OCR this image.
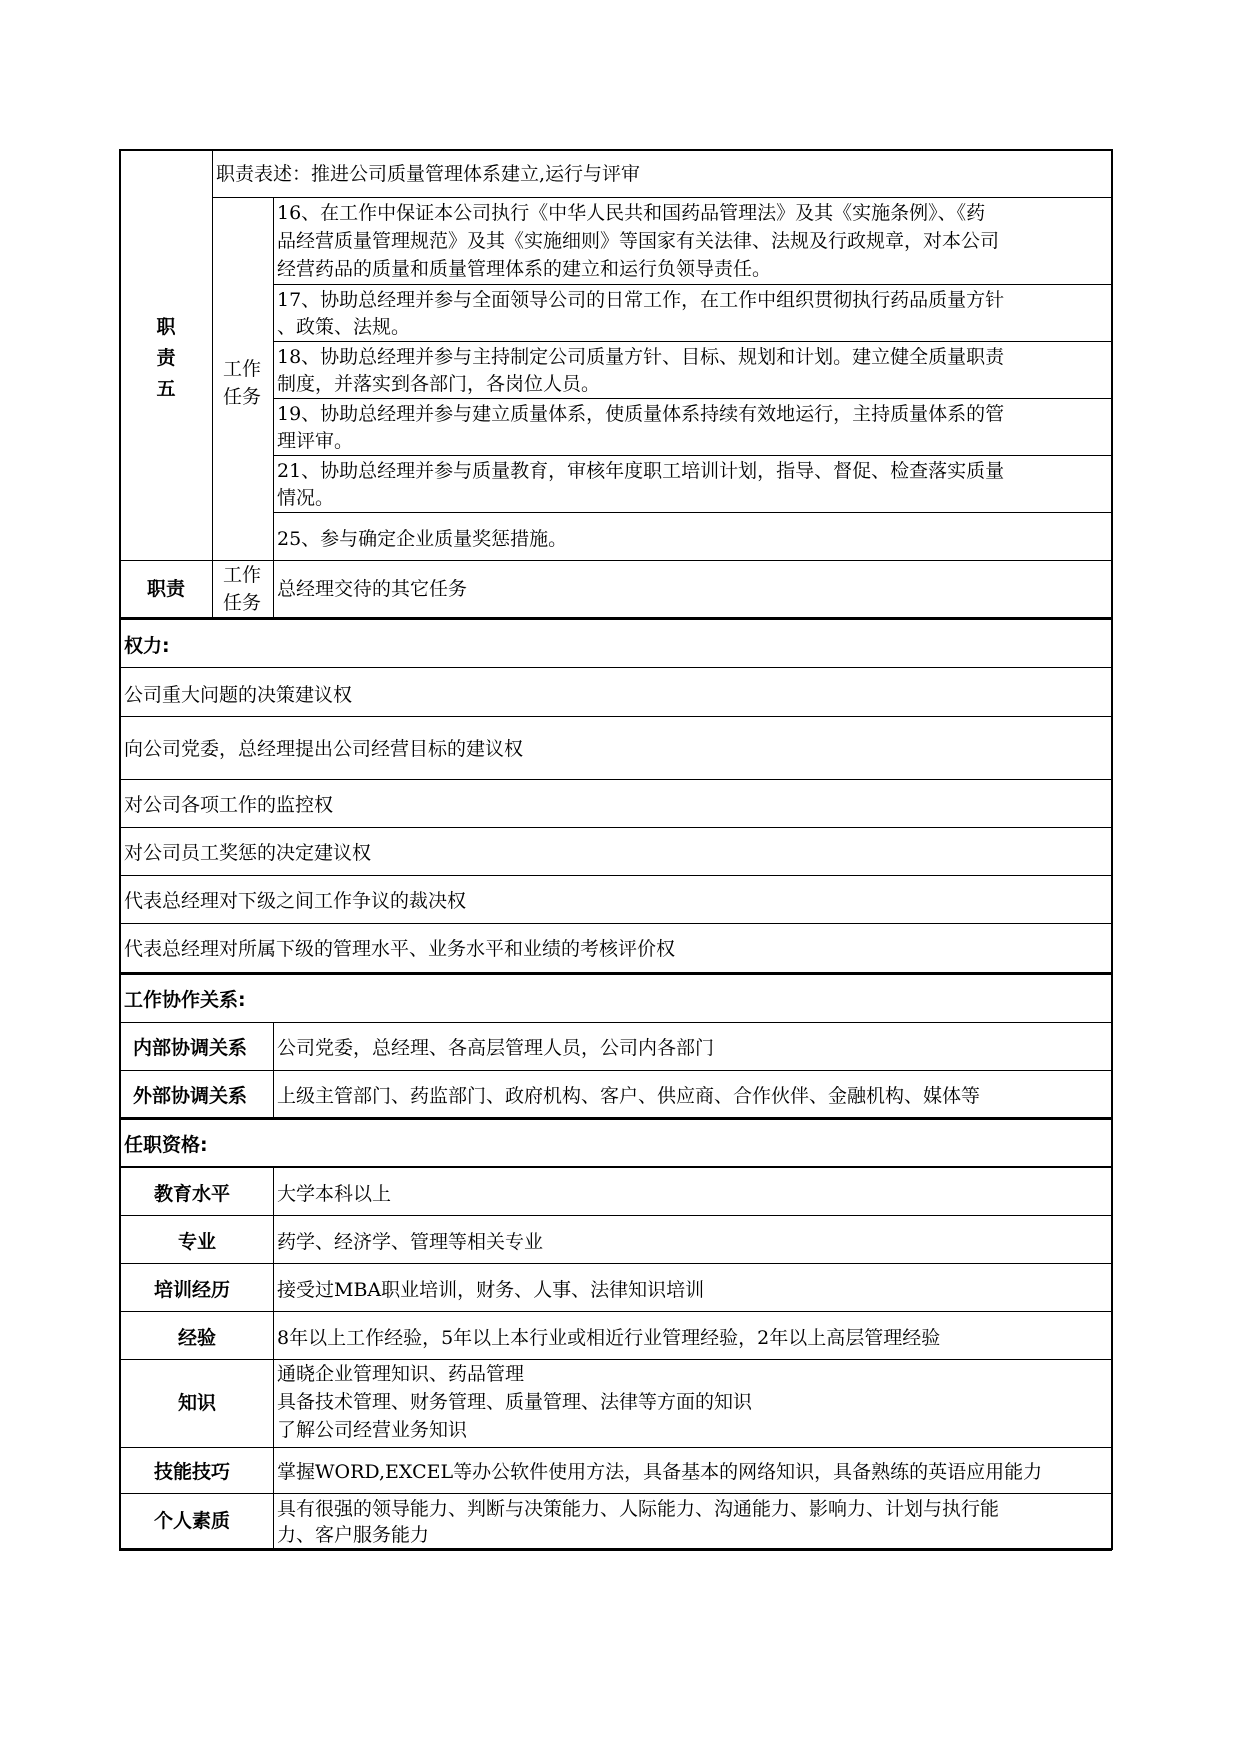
职
责
五
职责表述：推进公司质量管理体系建立,运行与评审
工作
任务
16、在工作中保证本公司执行《中华人民共和国药品管理法》及其《实施条例》、《药
品经营质量管理规范》及其《实施细则》等国家有关法律、法规及行政规章，对本公司
经营药品的质量和质量管理体系的建立和运行负领导责任。
17、协助总经理并参与全面领导公司的日常工作，在工作中组织贯彻执行药品质量方针
、政策、法规。
18、协助总经理并参与主持制定公司质量方针、目标、规划和计划。建立健全质量职责
制度，并落实到各部门，各岗位人员。
19、协助总经理并参与建立质量体系，使质量体系持续有效地运行，主持质量体系的管
理评审。
21、协助总经理并参与质量教育，审核年度职工培训计划，指导、督促、检查落实质量
情况。
25、参与确定企业质量奖惩措施。
职责
工作
任务
总经理交待的其它任务
权力:
公司重大问题的决策建议权
向公司党委，总经理提出公司经营目标的建议权
对公司各项工作的监控权
对公司员工奖惩的决定建议权
代表总经理对下级之间工作争议的裁决权
代表总经理对所属下级的管理水平、业务水平和业绩的考核评价权
工作协作关系:
内部协调关系 公司党委，总经理、各高层管理人员，公司内各部门
外部协调关系 上级主管部门、药监部门、政府机构、客户、供应商、合作伙伴、金融机构、媒体等
任职资格:
教育水平 大学本科以上
专业	药学、经济学、管理等相关专业
培训经历 接受过MBA职业培训，财务、人事、法律知识培训
经验	8年以上工作经验，5年以上本行业或相近行业管理经验，2年以上高层管理经验
知识
通晓企业管理知识、药品管理
具备技术管理、财务管理、质量管理、法律等方面的知识
了解公司经营业务知识
技能技巧 掌握WORD,EXCEL等办公软件使用方法，具备基本的网络知识，具备熟练的英语应用能力
个人素质
具有很强的领导能力、判断与决策能力、人际能力、沟通能力、影响力、计划与执行能
力、客户服务能力
